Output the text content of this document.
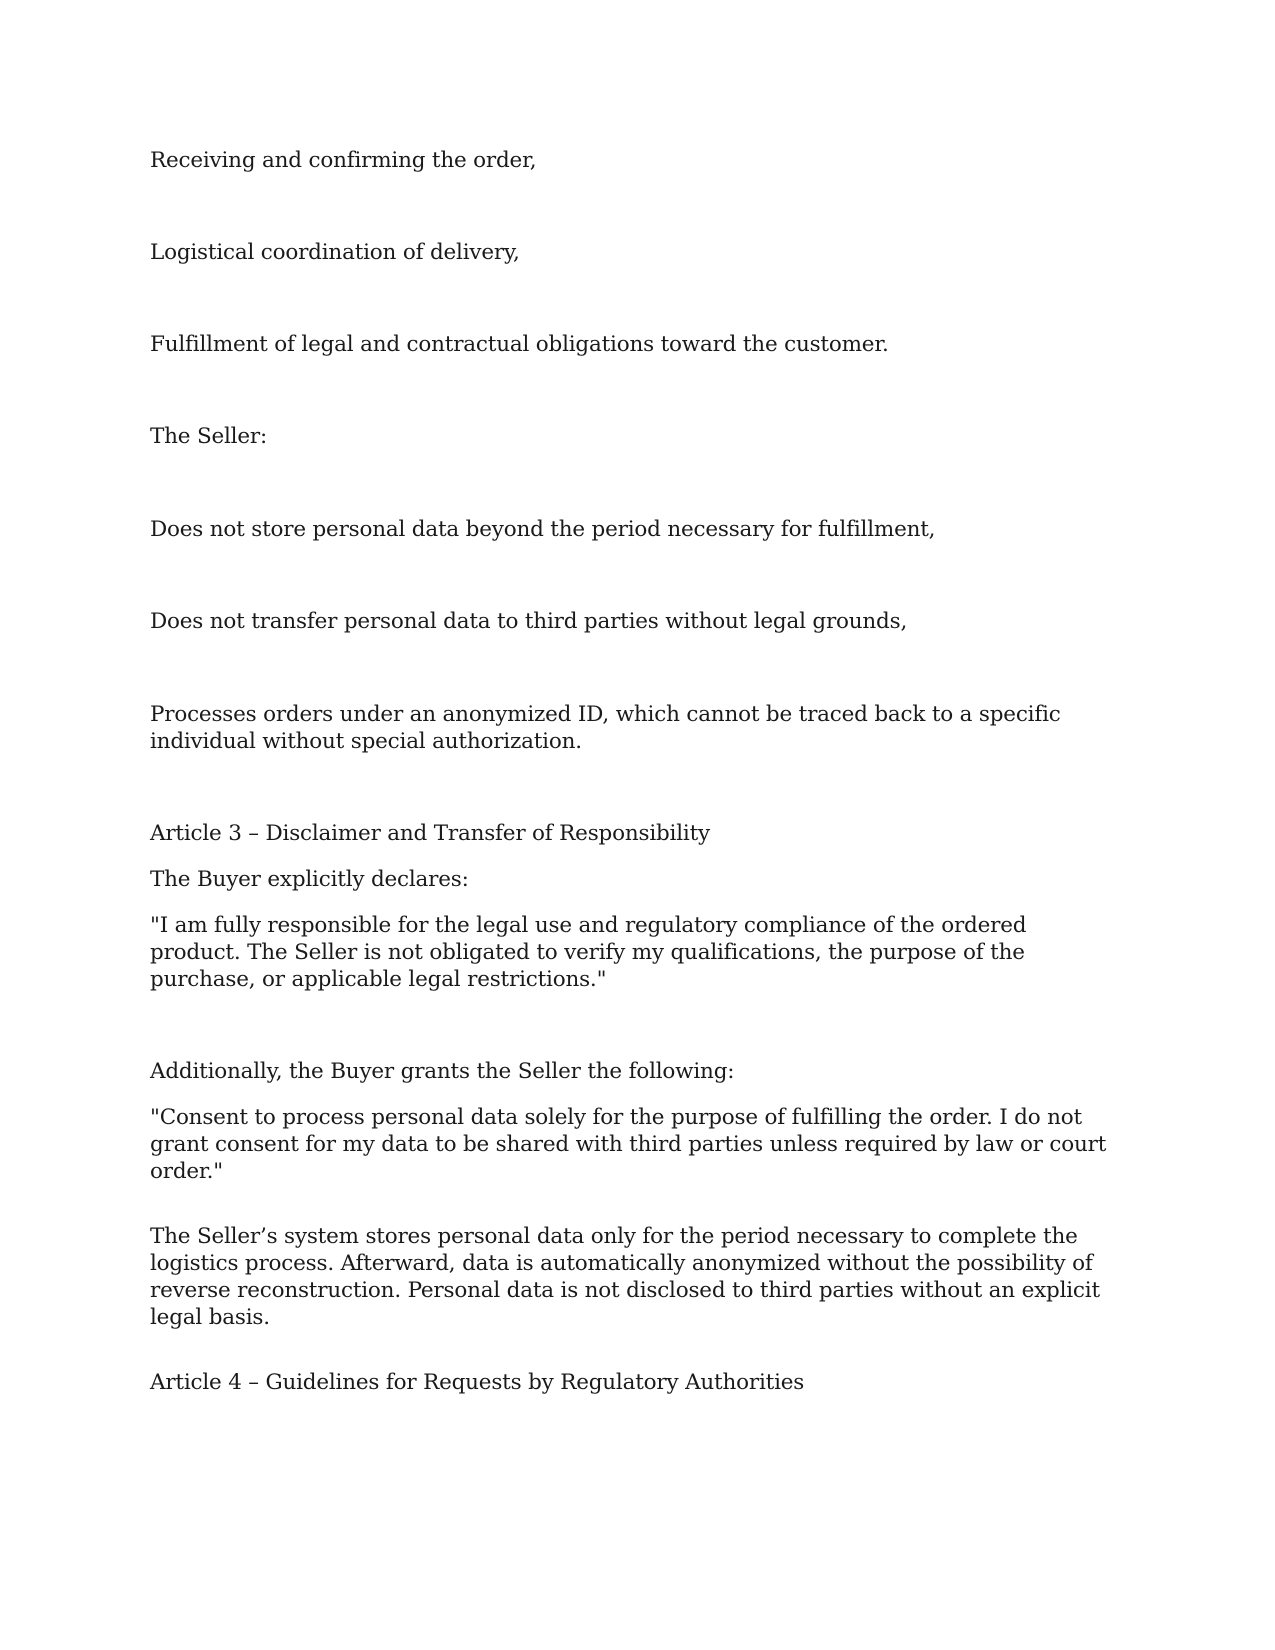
Receiving and confirming the order,

Logistical coordination of delivery,

Fulfillment of legal and contractual obligations toward the customer.

The Seller:

Does not store personal data beyond the period necessary for fulfillment,

Does not transfer personal data to third parties without legal grounds,

Processes orders under an anonymized ID, which cannot be traced back to a specific individual without special authorization.

Article 3 – Disclaimer and Transfer of Responsibility

The Buyer explicitly declares:

"I am fully responsible for the legal use and regulatory compliance of the ordered product. The Seller is not obligated to verify my qualifications, the purpose of the purchase, or applicable legal restrictions."

Additionally, the Buyer grants the Seller the following:

"Consent to process personal data solely for the purpose of fulfilling the order. I do not grant consent for my data to be shared with third parties unless required by law or court order."

The Seller’s system stores personal data only for the period necessary to complete the logistics process. Afterward, data is automatically anonymized without the possibility of reverse reconstruction. Personal data is not disclosed to third parties without an explicit legal basis.

Article 4 – Guidelines for Requests by Regulatory Authorities
